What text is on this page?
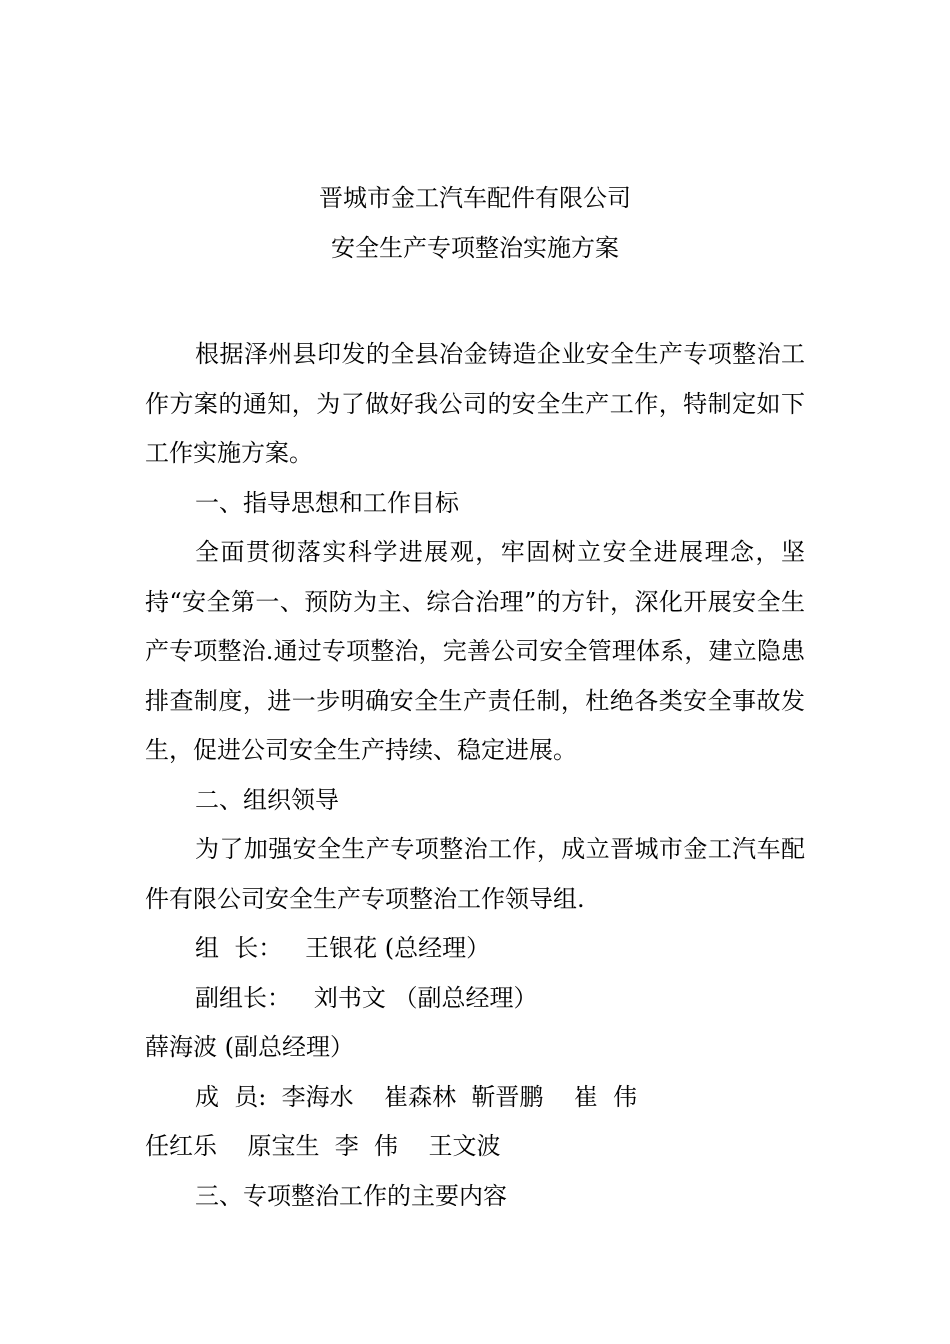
晋城市金工汽车配件有限公司
安全生产专项整治实施方案

根据泽州县印发的全县冶金铸造企业安全生产专项整治工作方案的通知，为了做好我公司的安全生产工作，特制定如下工作实施方案。

一、指导思想和工作目标

全面贯彻落实科学进展观，牢固树立安全进展理念，坚持“安全第一、预防为主、综合治理”的方针，深化开展安全生产专项整治.通过专项整治，完善公司安全管理体系，建立隐患排查制度，进一步明确安全生产责任制，杜绝各类安全事故发生，促进公司安全生产持续、稳定进展。

二、组织领导

为了加强安全生产专项整治工作，成立晋城市金工汽车配件有限公司安全生产专项整治工作领导组.

组  长：   王银花 (总经理）

副组长：   刘书文 （副总经理）

薛海波 (副总经理）

成  员:  李海水    崔森林  靳晋鹏    崔  伟

任红乐    原宝生  李  伟    王文波

三、专项整治工作的主要内容
